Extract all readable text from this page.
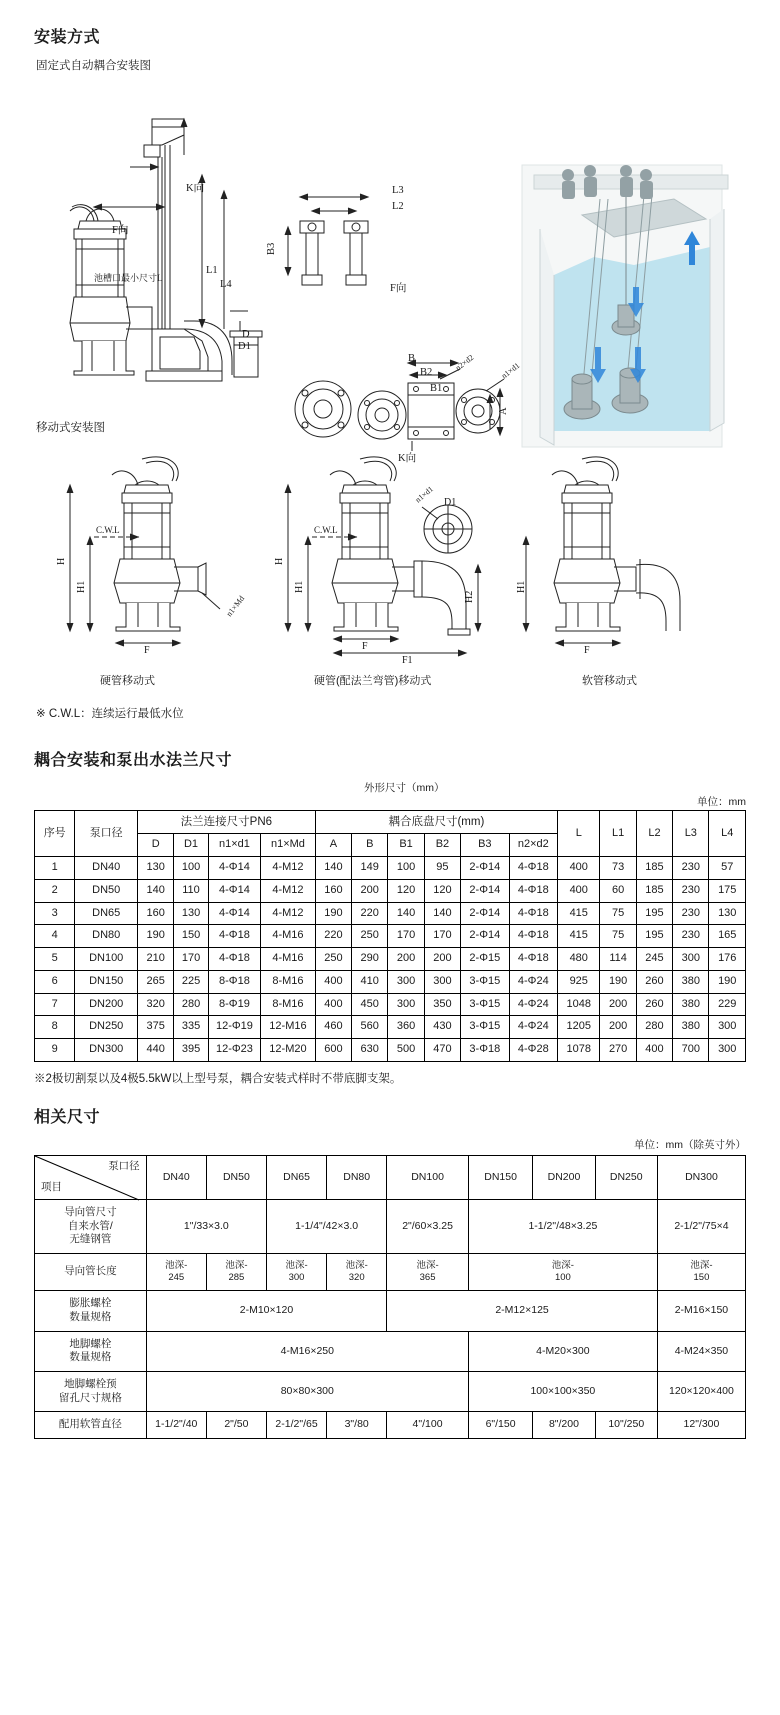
安装方式
固定式自动耦合安装图
K向
F向
L1
L4
D
D1
池槽口最小尺寸L
L3
L2
B3
F向
B
B2
B1
A
n2×d2	n1×d1
K向
移动式安装图
C.W.L
H
H1
F
n1×Md
C.W.L
H
H1
F
F1
H2
D1
n1×d1
H1
F
硬管移动式	硬管(配法兰弯管)移动式	软管移动式
※ C.W.L：连续运行最低水位
耦合安装和泵出水法兰尺寸
外形尺寸（mm）
单位：mm
序号	泵口径	法兰连接尺寸PN6				耦合底盘尺寸(mm)						L	L1	L2	L3	L4
		D	D1	n1×d1	n1×Md	A	B	B1	B2	B3	n2×d2					
1	DN40	130	100	4-Φ14	4-M12	140	149	100	95	2-Φ14	4-Φ18	400	73	185	230	57
2	DN50	140	110	4-Φ14	4-M12	160	200	120	120	2-Φ14	4-Φ18	400	60	185	230	175
3	DN65	160	130	4-Φ14	4-M12	190	220	140	140	2-Φ14	4-Φ18	415	75	195	230	130
4	DN80	190	150	4-Φ18	4-M16	220	250	170	170	2-Φ14	4-Φ18	415	75	195	230	165
5	DN100	210	170	4-Φ18	4-M16	250	290	200	200	2-Φ15	4-Φ18	480	114	245	300	176
6	DN150	265	225	8-Φ18	8-M16	400	410	300	300	3-Φ15	4-Φ24	925	190	260	380	190
7	DN200	320	280	8-Φ19	8-M16	400	450	300	350	3-Φ15	4-Φ24	1048	200	260	380	229
8	DN250	375	335	12-Φ19	12-M16	460	560	360	430	3-Φ15	4-Φ24	1205	200	280	380	300
9	DN300	440	395	12-Φ23	12-M20	600	630	500	470	3-Φ18	4-Φ28	1078	270	400	700	300
※2极切割泵以及4极5.5kW以上型号泵，耦合安装式样时不带底脚支架。
相关尺寸
单位：mm（除英寸外）
泵口径
项目	DN40	DN50	DN65	DN80	DN100	DN150	DN200	DN250	DN300
导向管尺寸
自来水管/
无缝钢管	1"/33×3.0		1-1/4"/42×3.0		2"/60×3.25	1-1/2"/48×3.25			2-1/2"/75×4
导向管长度	池深-
245	池深-
285	池深-
300	池深-
320	池深-
365	池深-
100			池深-
150
膨胀螺栓
数量规格	2-M10×120				2-M12×125				2-M16×150
地脚螺栓
数量规格	4-M16×250					4-M20×300			4-M24×350
地脚螺栓预
留孔尺寸规格	80×80×300					100×100×350			120×120×400
配用软管直径	1-1/2"/40	2"/50	2-1/2"/65	3"/80	4"/100	6"/150	8"/200	10"/250	12"/300
